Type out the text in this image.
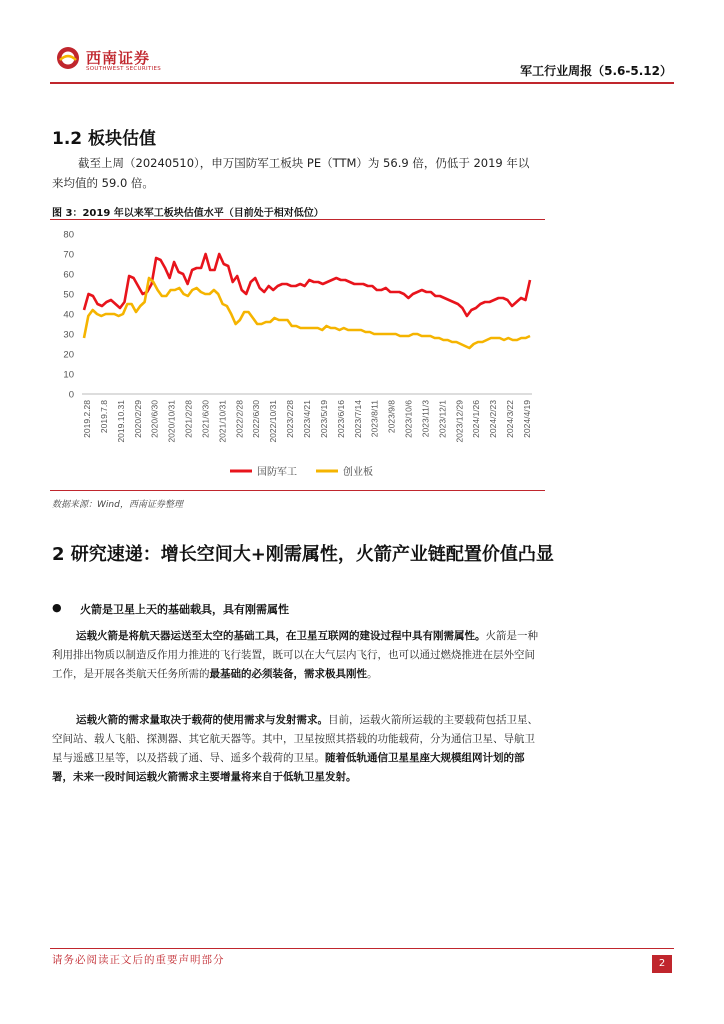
西南证券
SOUTHWEST SECURITIES	军工行业周报（5.6-5.12）
1.2 板块估值
截至上周（20240510），申万国防军工板块 PE（TTM）为 56.9 倍，仍低于 2019 年以
来均值的 59.0 倍。
图 3：2019 年以来军工板块估值水平（目前处于相对低位）
0
10
20
30
40
50
60
70
80
2019.2.28 2019.7.8 2019.10.31 2020/2/29 2020/6/30 2020/10/31 2021/2/28 2021/6/30 2021/10/31 2022/2/28 2022/6/30 2022/10/31 2023/2/28 2023/4/21 2023/5/19 2023/6/16 2023/7/14 2023/8/11 2023/9/8 2023/10/6 2023/11/3 2023/12/1 2023/12/29 2024/1/26 2024/2/23 2024/3/22 2024/4/19
国防军工	创业板
数据来源：Wind，西南证券整理
2 研究速递：增长空间大+刚需属性，火箭产业链配置价值凸显
● 火箭是卫星上天的基础载具，具有刚需属性
运载火箭是将航天器运送至太空的基础工具，在卫星互联网的建设过程中具有刚需属性。火箭是一种利用排出物质以制造反作用力推进的飞行装置，既可以在大气层内飞行，也可以通过燃烧推进在层外空间工作，是开展各类航天任务所需的最基础的必须装备，需求极具刚性。
运载火箭的需求量取决于载荷的使用需求与发射需求。目前，运载火箭所运载的主要载荷包括卫星、空间站、载人飞船、探测器、其它航天器等。其中，卫星按照其搭载的功能载荷，分为通信卫星、导航卫星与遥感卫星等，以及搭载了通、导、遥多个载荷的卫星。随着低轨通信卫星星座大规模组网计划的部署，未来一段时间运载火箭需求主要增量将来自于低轨卫星发射。
请务必阅读正文后的重要声明部分	2
